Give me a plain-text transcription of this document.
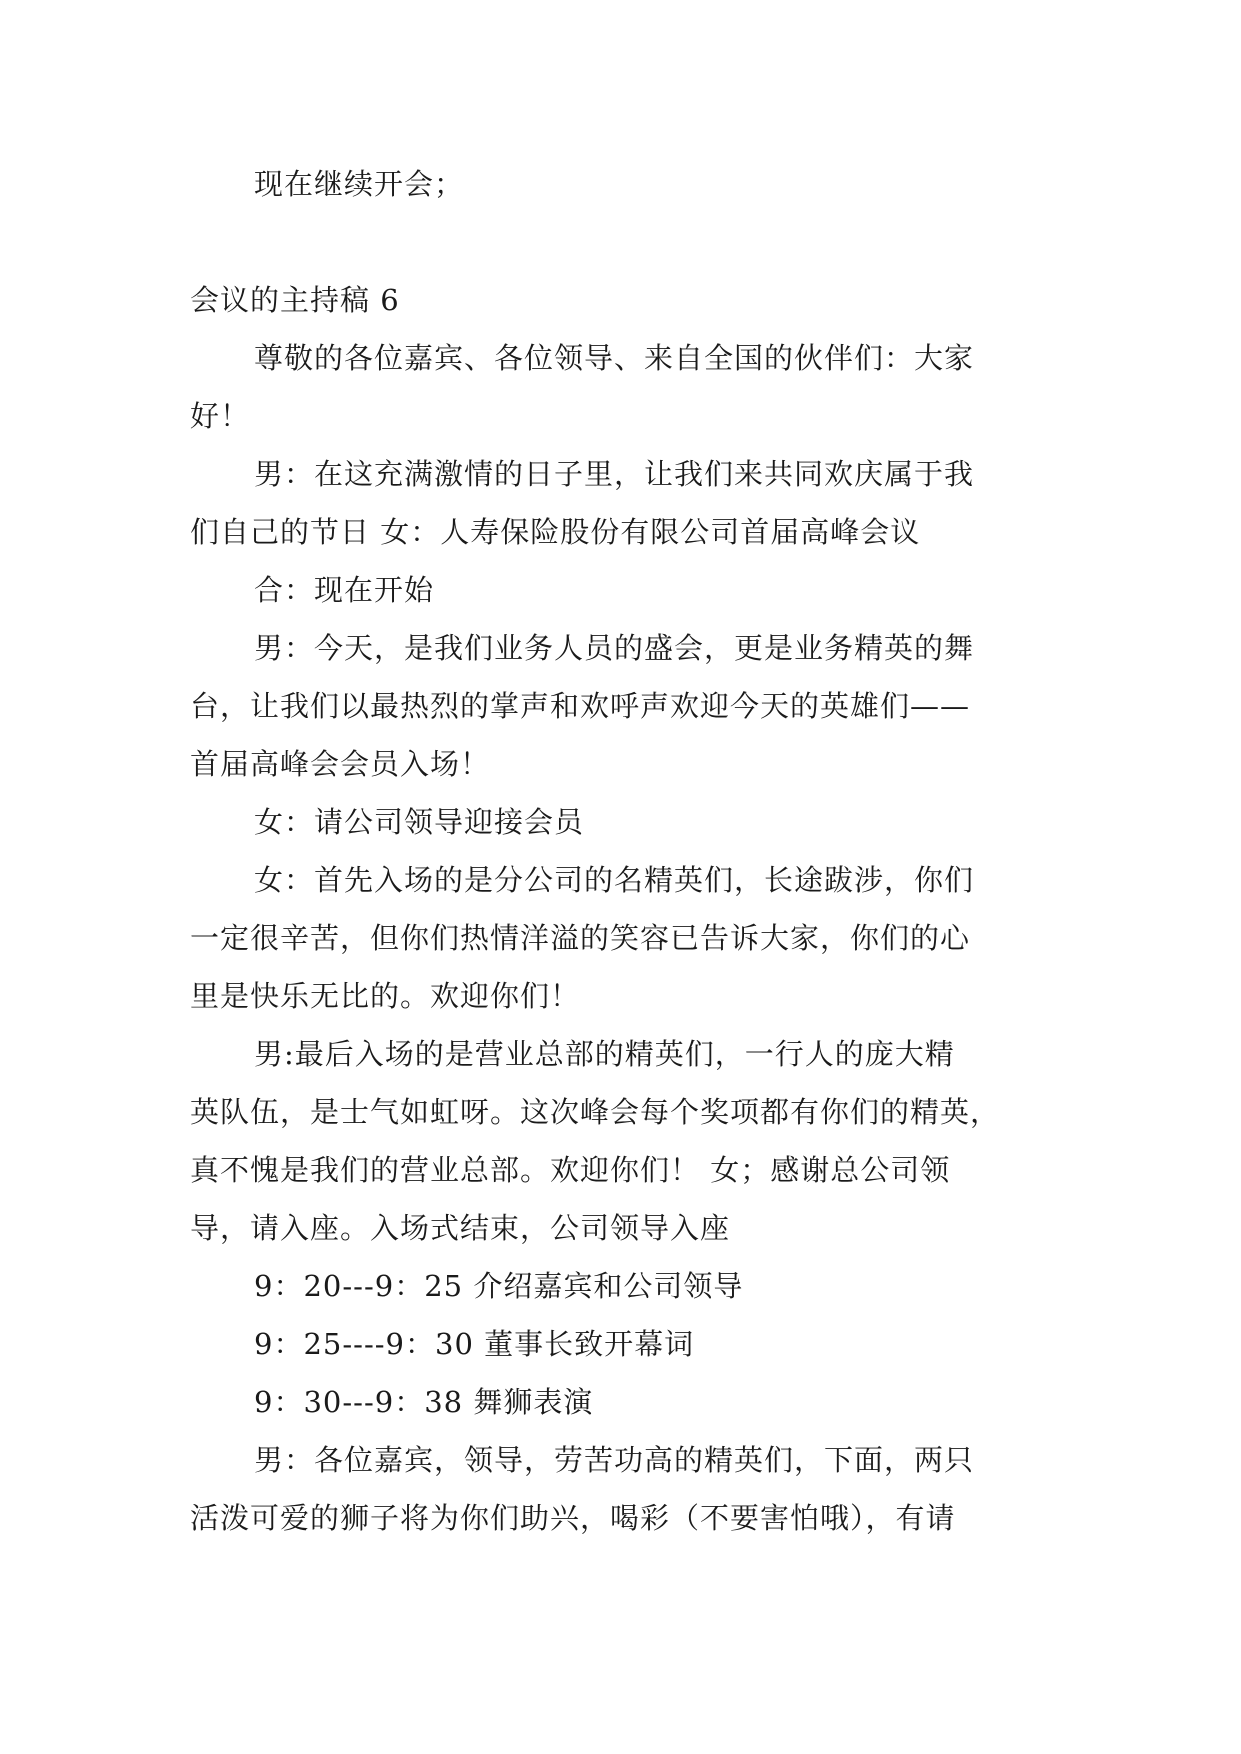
现在继续开会；
会议的主持稿 6
尊敬的各位嘉宾、各位领导、来自全国的伙伴们：大家
好！
男：在这充满激情的日子里，让我们来共同欢庆属于我
们自己的节日 女：人寿保险股份有限公司首届高峰会议
合：现在开始
男：今天，是我们业务人员的盛会，更是业务精英的舞
台，让我们以最热烈的掌声和欢呼声欢迎今天的英雄们——
首届高峰会会员入场！
女：请公司领导迎接会员
女：首先入场的是分公司的名精英们，长途跋涉，你们
一定很辛苦，但你们热情洋溢的笑容已告诉大家，你们的心
里是快乐无比的。欢迎你们！
男:最后入场的是营业总部的精英们，一行人的庞大精
英队伍，是士气如虹呀。这次峰会每个奖项都有你们的精英，
真不愧是我们的营业总部。欢迎你们！ 女；感谢总公司领
导，请入座。入场式结束，公司领导入座
9：20---9：25 介绍嘉宾和公司领导
9：25----9：30 董事长致开幕词
9：30---9：38 舞狮表演
男：各位嘉宾，领导，劳苦功高的精英们，下面，两只
活泼可爱的狮子将为你们助兴，喝彩（不要害怕哦），有请
